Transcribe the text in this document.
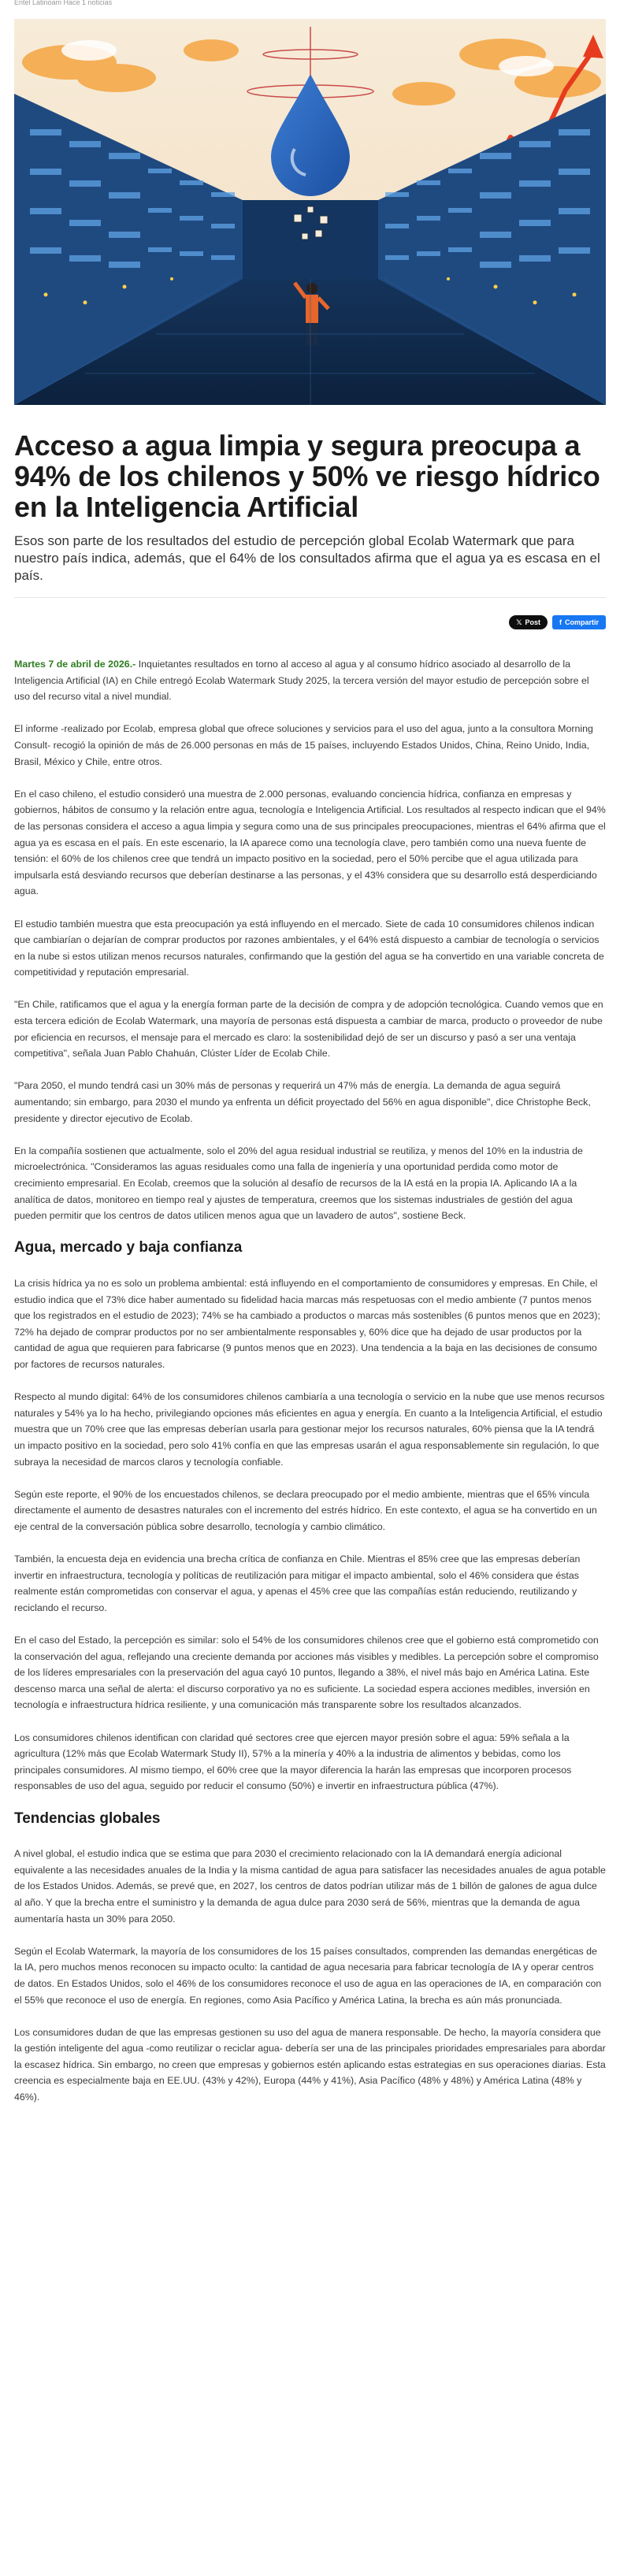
Entel Latinoam Hace 1 noticias
Acceso a agua limpia y segura preocupa a 94% de los chilenos y 50% ve riesgo hídrico en la Inteligencia Artificial

Esos son parte de los resultados del estudio de percepción global Ecolab Watermark que para nuestro país indica, además, que el 64% de los consultados afirma que el agua ya es escasa en el país.

𝕏 Post	f Compartir

Martes 7 de abril de 2026.- Inquietantes resultados en torno al acceso al agua y al consumo hídrico asociado al desarrollo de la Inteligencia Artificial (IA) en Chile entregó Ecolab Watermark Study 2025, la tercera versión del mayor estudio de percepción sobre el uso del recurso vital a nivel mundial.

El informe -realizado por Ecolab, empresa global que ofrece soluciones y servicios para el uso del agua, junto a la consultora Morning Consult- recogió la opinión de más de 26.000 personas en más de 15 países, incluyendo Estados Unidos, China, Reino Unido, India, Brasil, México y Chile, entre otros.

En el caso chileno, el estudio consideró una muestra de 2.000 personas, evaluando conciencia hídrica, confianza en empresas y gobiernos, hábitos de consumo y la relación entre agua, tecnología e Inteligencia Artificial. Los resultados al respecto indican que el 94% de las personas considera el acceso a agua limpia y segura como una de sus principales preocupaciones, mientras el 64% afirma que el agua ya es escasa en el país. En este escenario, la IA aparece como una tecnología clave, pero también como una nueva fuente de tensión: el 60% de los chilenos cree que tendrá un impacto positivo en la sociedad, pero el 50% percibe que el agua utilizada para impulsarla está desviando recursos que deberían destinarse a las personas, y el 43% considera que su desarrollo está desperdiciando agua.

El estudio también muestra que esta preocupación ya está influyendo en el mercado. Siete de cada 10 consumidores chilenos indican que cambiarían o dejarían de comprar productos por razones ambientales, y el 64% está dispuesto a cambiar de tecnología o servicios en la nube si estos utilizan menos recursos naturales, confirmando que la gestión del agua se ha convertido en una variable concreta de competitividad y reputación empresarial.

"En Chile, ratificamos que el agua y la energía forman parte de la decisión de compra y de adopción tecnológica. Cuando vemos que en esta tercera edición de Ecolab Watermark, una mayoría de personas está dispuesta a cambiar de marca, producto o proveedor de nube por eficiencia en recursos, el mensaje para el mercado es claro: la sostenibilidad dejó de ser un discurso y pasó a ser una ventaja competitiva", señala Juan Pablo Chahuán, Clúster Líder de Ecolab Chile.

"Para 2050, el mundo tendrá casi un 30% más de personas y requerirá un 47% más de energía. La demanda de agua seguirá aumentando; sin embargo, para 2030 el mundo ya enfrenta un déficit proyectado del 56% en agua disponible", dice Christophe Beck, presidente y director ejecutivo de Ecolab.

En la compañía sostienen que actualmente, solo el 20% del agua residual industrial se reutiliza, y menos del 10% en la industria de microelectrónica. "Consideramos las aguas residuales como una falla de ingeniería y una oportunidad perdida como motor de crecimiento empresarial. En Ecolab, creemos que la solución al desafío de recursos de la IA está en la propia IA. Aplicando IA a la analítica de datos, monitoreo en tiempo real y ajustes de temperatura, creemos que los sistemas industriales de gestión del agua pueden permitir que los centros de datos utilicen menos agua que un lavadero de autos", sostiene Beck.

Agua, mercado y baja confianza

La crisis hídrica ya no es solo un problema ambiental: está influyendo en el comportamiento de consumidores y empresas. En Chile, el estudio indica que el 73% dice haber aumentado su fidelidad hacia marcas más respetuosas con el medio ambiente (7 puntos menos que los registrados en el estudio de 2023); 74% se ha cambiado a productos o marcas más sostenibles (6 puntos menos que en 2023); 72% ha dejado de comprar productos por no ser ambientalmente responsables y, 60% dice que ha dejado de usar productos por la cantidad de agua que requieren para fabricarse (9 puntos menos que en 2023). Una tendencia a la baja en las decisiones de consumo por factores de recursos naturales.

Respecto al mundo digital: 64% de los consumidores chilenos cambiaría a una tecnología o servicio en la nube que use menos recursos naturales y 54% ya lo ha hecho, privilegiando opciones más eficientes en agua y energía. En cuanto a la Inteligencia Artificial, el estudio muestra que un 70% cree que las empresas deberían usarla para gestionar mejor los recursos naturales, 60% piensa que la IA tendrá un impacto positivo en la sociedad, pero solo 41% confía en que las empresas usarán el agua responsablemente sin regulación, lo que subraya la necesidad de marcos claros y tecnología confiable.

Según este reporte, el 90% de los encuestados chilenos, se declara preocupado por el medio ambiente, mientras que el 65% vincula directamente el aumento de desastres naturales con el incremento del estrés hídrico. En este contexto, el agua se ha convertido en un eje central de la conversación pública sobre desarrollo, tecnología y cambio climático.

También, la encuesta deja en evidencia una brecha crítica de confianza en Chile. Mientras el 85% cree que las empresas deberían invertir en infraestructura, tecnología y políticas de reutilización para mitigar el impacto ambiental, solo el 46% considera que éstas realmente están comprometidas con conservar el agua, y apenas el 45% cree que las compañías están reduciendo, reutilizando y reciclando el recurso.

En el caso del Estado, la percepción es similar: solo el 54% de los consumidores chilenos cree que el gobierno está comprometido con la conservación del agua, reflejando una creciente demanda por acciones más visibles y medibles. La percepción sobre el compromiso de los líderes empresariales con la preservación del agua cayó 10 puntos, llegando a 38%, el nivel más bajo en América Latina. Este descenso marca una señal de alerta: el discurso corporativo ya no es suficiente. La sociedad espera acciones medibles, inversión en tecnología e infraestructura hídrica resiliente, y una comunicación más transparente sobre los resultados alcanzados.

Los consumidores chilenos identifican con claridad qué sectores cree que ejercen mayor presión sobre el agua: 59% señala a la agricultura (12% más que Ecolab Watermark Study II), 57% a la minería y 40% a la industria de alimentos y bebidas, como los principales consumidores. Al mismo tiempo, el 60% cree que la mayor diferencia la harán las empresas que incorporen procesos responsables de uso del agua, seguido por reducir el consumo (50%) e invertir en infraestructura pública (47%).

Tendencias globales

A nivel global, el estudio indica que se estima que para 2030 el crecimiento relacionado con la IA demandará energía adicional equivalente a las necesidades anuales de la India y la misma cantidad de agua para satisfacer las necesidades anuales de agua potable de los Estados Unidos. Además, se prevé que, en 2027, los centros de datos podrían utilizar más de 1 billón de galones de agua dulce al año. Y que la brecha entre el suministro y la demanda de agua dulce para 2030 será de 56%, mientras que la demanda de agua aumentaría hasta un 30% para 2050.

Según el Ecolab Watermark, la mayoría de los consumidores de los 15 países consultados, comprenden las demandas energéticas de la IA, pero muchos menos reconocen su impacto oculto: la cantidad de agua necesaria para fabricar tecnología de IA y operar centros de datos. En Estados Unidos, solo el 46% de los consumidores reconoce el uso de agua en las operaciones de IA, en comparación con el 55% que reconoce el uso de energía. En regiones, como Asia Pacífico y América Latina, la brecha es aún más pronunciada.

Los consumidores dudan de que las empresas gestionen su uso del agua de manera responsable. De hecho, la mayoría considera que la gestión inteligente del agua -como reutilizar o reciclar agua- debería ser una de las principales prioridades empresariales para abordar la escasez hídrica. Sin embargo, no creen que empresas y gobiernos estén aplicando estas estrategias en sus operaciones diarias. Esta creencia es especialmente baja en EE.UU. (43% y 42%), Europa (44% y 41%), Asia Pacífico (48% y 48%) y América Latina (48% y 46%).
